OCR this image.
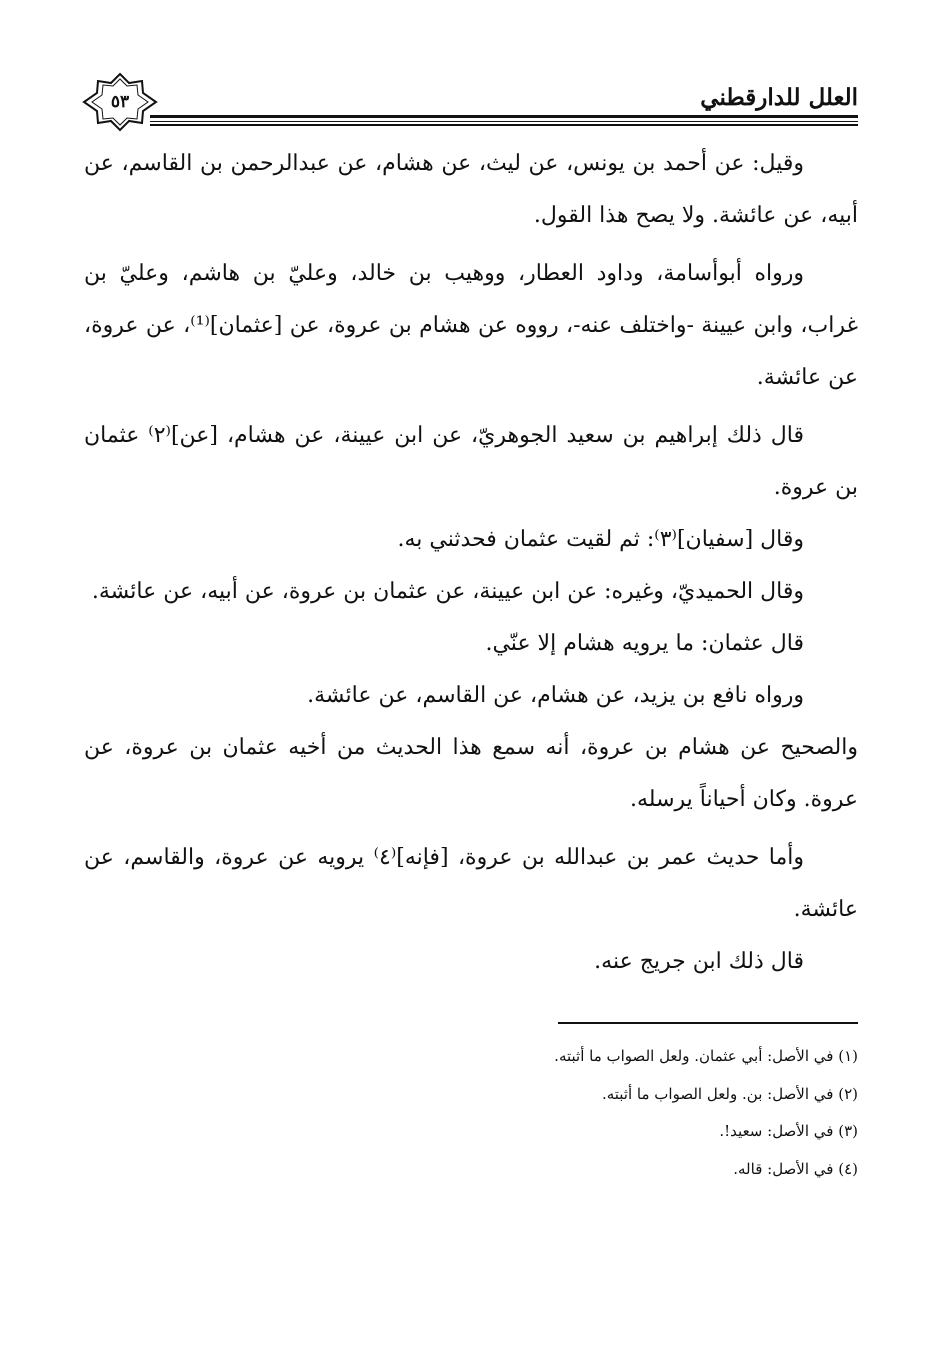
٥٣	العلل للدارقطني

وقيل: عن أحمد بن يونس، عن ليث، عن هشام، عن عبدالرحمن بن القاسم، عن أبيه، عن عائشة. ولا يصح هذا القول.

ورواه أبوأسامة، وداود العطار، ووهيب بن خالد، وعليّ بن هاشم، وعليّ بن غراب، وابن عيينة -واختلف عنه-، رووه عن هشام بن عروة، عن [عثمان]⁽¹⁾، عن عروة، عن عائشة.

قال ذلك إبراهيم بن سعيد الجوهريّ، عن ابن عيينة، عن هشام، [عن]⁽٢⁾ عثمان بن عروة.

وقال [سفيان]⁽٣⁾: ثم لقيت عثمان فحدثني به.

وقال الحميديّ، وغيره: عن ابن عيينة، عن عثمان بن عروة، عن أبيه، عن عائشة.

قال عثمان: ما يرويه هشام إلا عنّي.

ورواه نافع بن يزيد، عن هشام، عن القاسم، عن عائشة.

والصحيح عن هشام بن عروة، أنه سمع هذا الحديث من أخيه عثمان بن عروة، عن عروة. وكان أحياناً يرسله.

وأما حديث عمر بن عبدالله بن عروة، [فإنه]⁽٤⁾ يرويه عن عروة، والقاسم، عن عائشة.

قال ذلك ابن جريج عنه.

(١) في الأصل: أبي عثمان. ولعل الصواب ما أثبته.

(٢) في الأصل: بن. ولعل الصواب ما أثبته.

(٣) في الأصل: سعيد!.

(٤) في الأصل: قاله.
